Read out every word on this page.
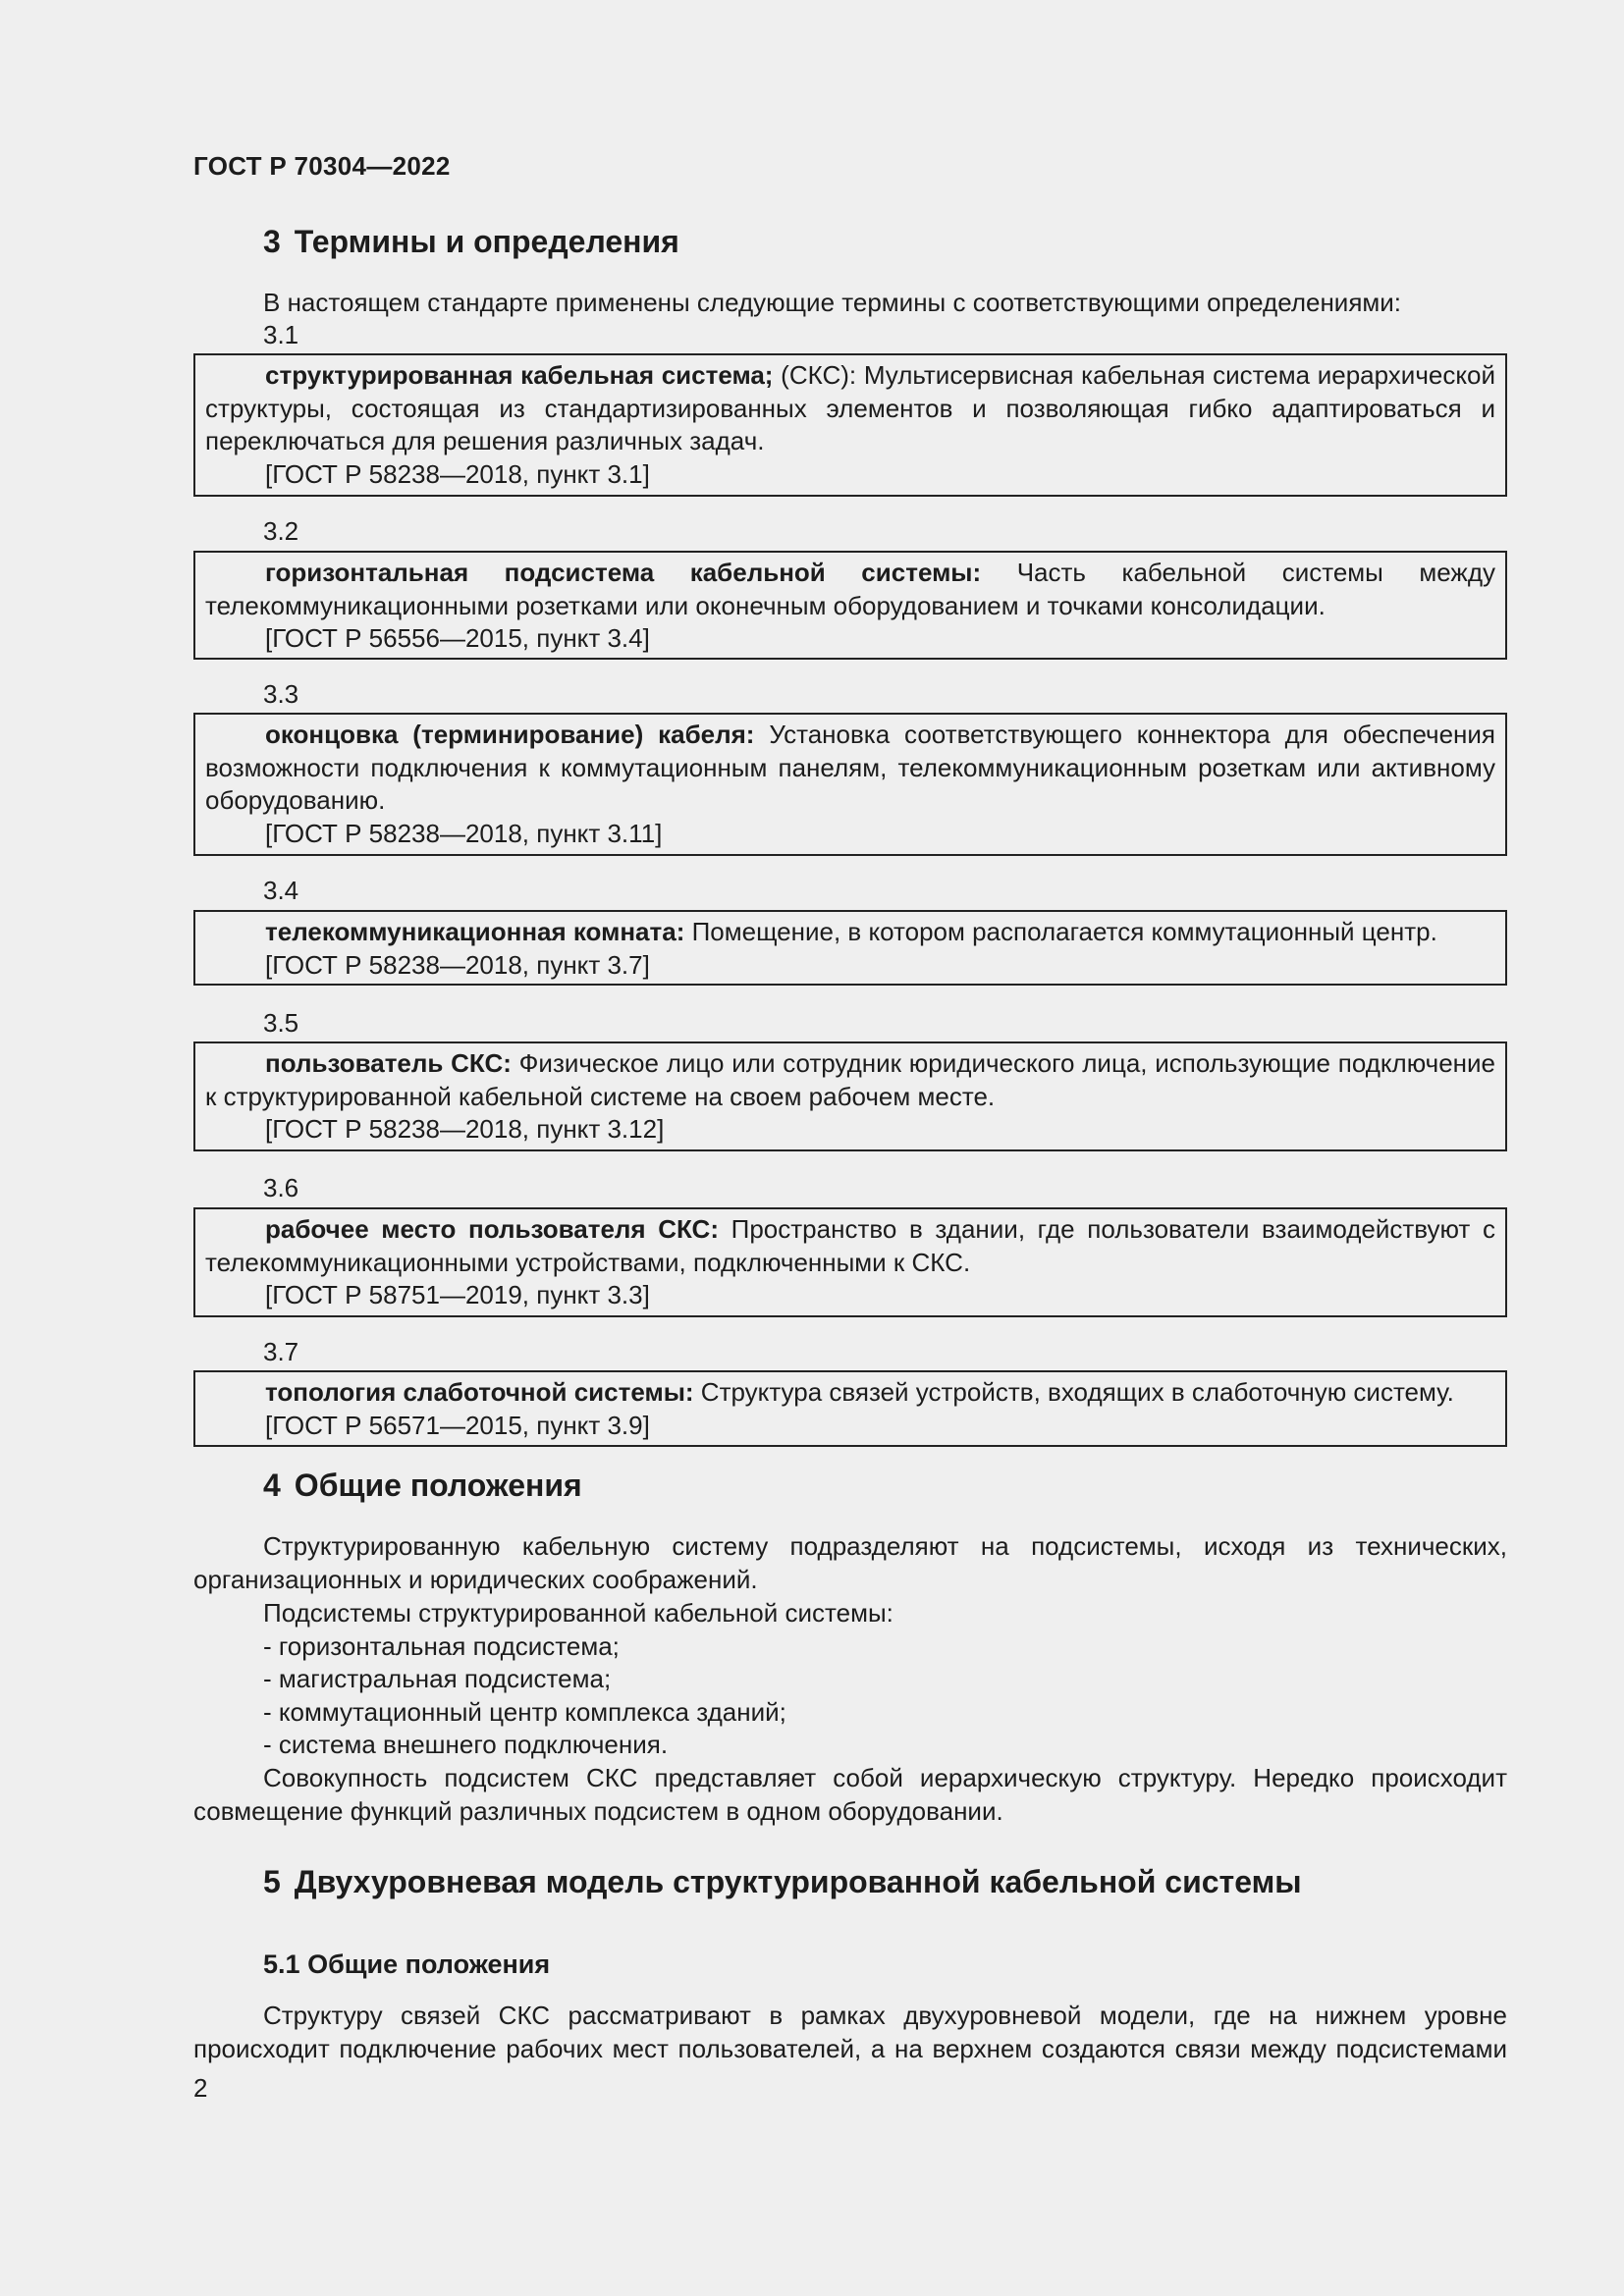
ГОСТ Р 70304—2022
3 Термины и определения
В настоящем стандарте применены следующие термины с соответствующими определениями:
3.1
структурированная кабельная система; (СКС): Мультисервисная кабельная система иерархической структуры, состоящая из стандартизированных элементов и позволяющая гибко адаптироваться и переключаться для решения различных задач.
[ГОСТ Р 58238—2018, пункт 3.1]
3.2
горизонтальная подсистема кабельной системы: Часть кабельной системы между телекоммуникационными розетками или оконечным оборудованием и точками консолидации.
[ГОСТ Р 56556—2015, пункт 3.4]
3.3
оконцовка (терминирование) кабеля: Установка соответствующего коннектора для обеспечения возможности подключения к коммутационным панелям, телекоммуникационным розеткам или активному оборудованию.
[ГОСТ Р 58238—2018, пункт 3.11]
3.4
телекоммуникационная комната: Помещение, в котором располагается коммутационный центр.
[ГОСТ Р 58238—2018, пункт 3.7]
3.5
пользователь СКС: Физическое лицо или сотрудник юридического лица, использующие подключение к структурированной кабельной системе на своем рабочем месте.
[ГОСТ Р 58238—2018, пункт 3.12]
3.6
рабочее место пользователя СКС: Пространство в здании, где пользователи взаимодействуют с телекоммуникационными устройствами, подключенными к СКС.
[ГОСТ Р 58751—2019, пункт 3.3]
3.7
топология слаботочной системы: Структура связей устройств, входящих в слаботочную систему.
[ГОСТ Р 56571—2015, пункт 3.9]
4 Общие положения
Структурированную кабельную систему подразделяют на подсистемы, исходя из технических, организационных и юридических соображений.
Подсистемы структурированной кабельной системы:
- горизонтальная подсистема;
- магистральная подсистема;
- коммутационный центр комплекса зданий;
- система внешнего подключения.
Совокупность подсистем СКС представляет собой иерархическую структуру. Нередко происходит совмещение функций различных подсистем в одном оборудовании.
5 Двухуровневая модель структурированной кабельной системы
5.1 Общие положения
Структуру связей СКС рассматривают в рамках двухуровневой модели, где на нижнем уровне происходит подключение рабочих мест пользователей, а на верхнем создаются связи между подсистемами
2
